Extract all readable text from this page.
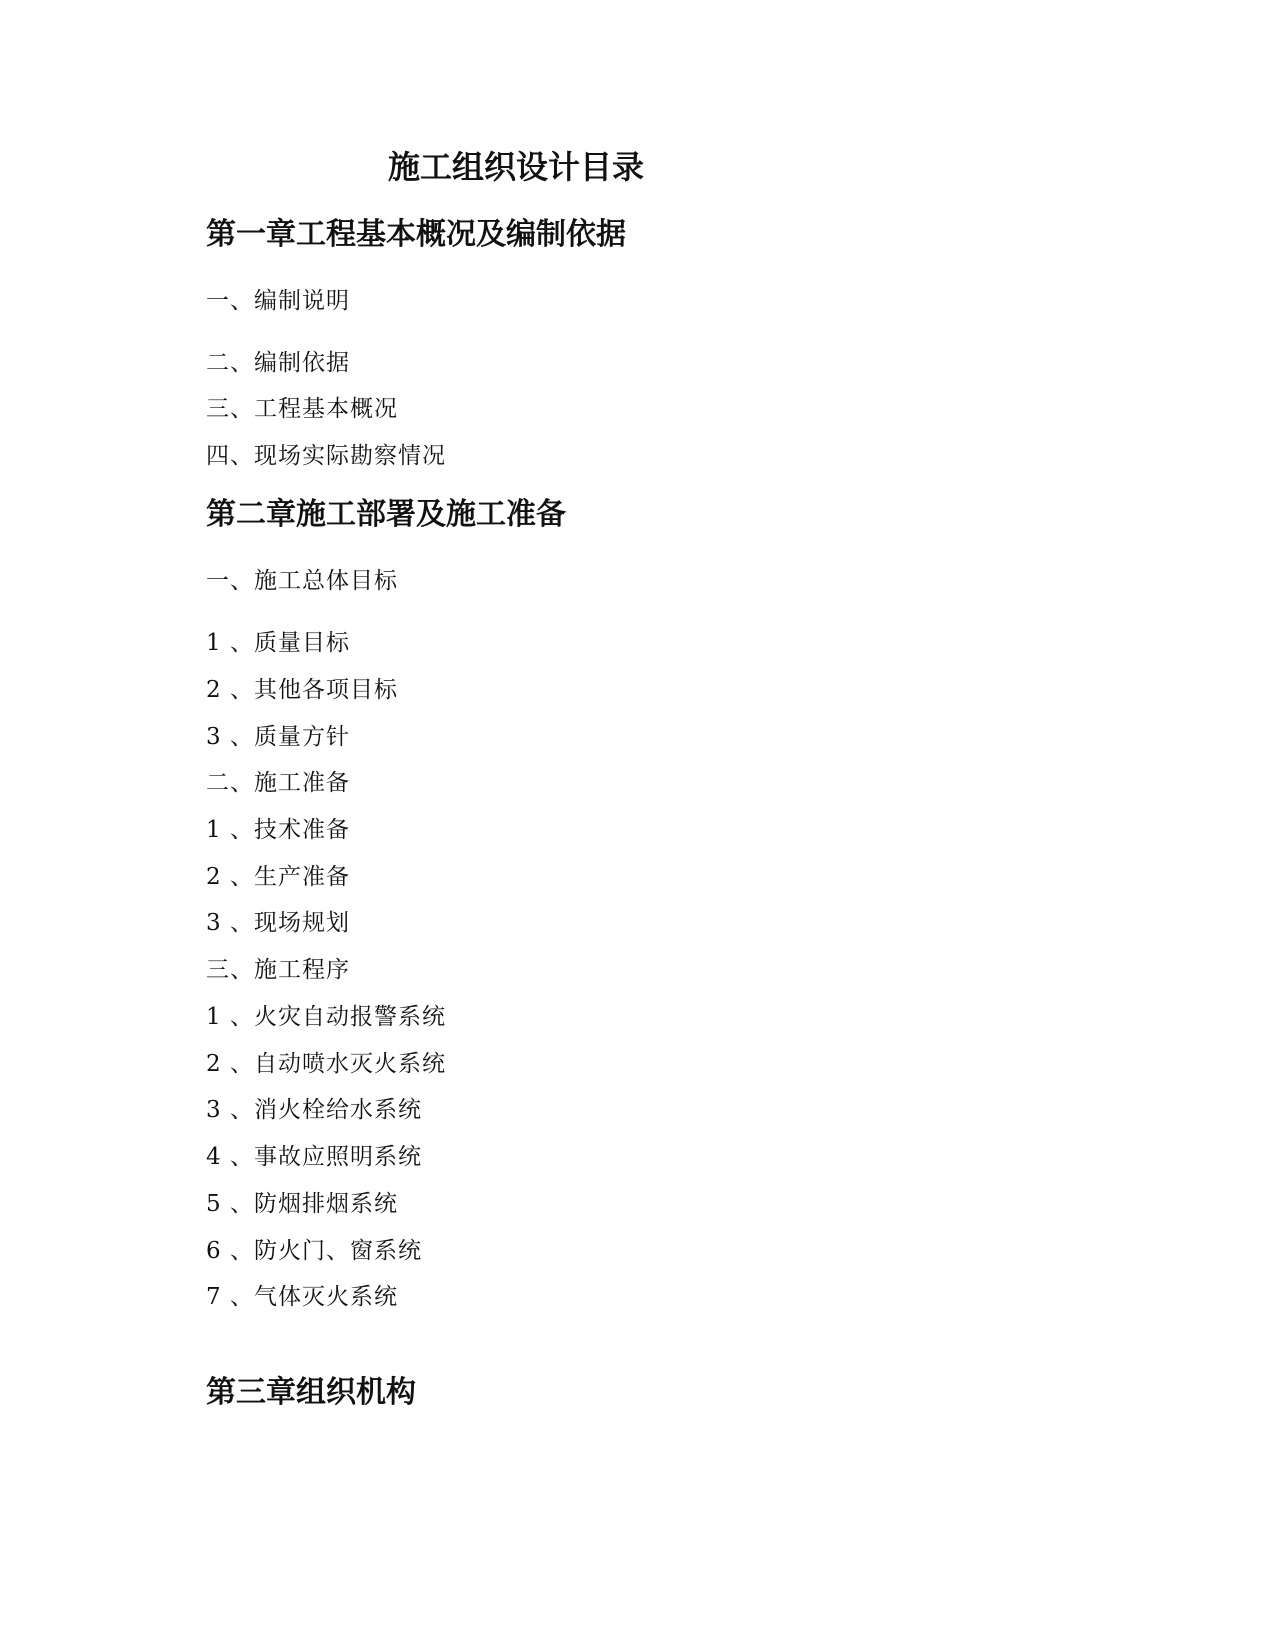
施工组织设计目录
第一章工程基本概况及编制依据
一、编制说明
二、编制依据
三、工程基本概况
四、现场实际勘察情况
第二章施工部署及施工准备
一、施工总体目标
1 、质量目标
2 、其他各项目标
3 、质量方针
二、施工准备
1 、技术准备
2 、生产准备
3 、现场规划
三、施工程序
1 、火灾自动报警系统
2 、自动喷水灭火系统
3 、消火栓给水系统
4 、事故应照明系统
5 、防烟排烟系统
6 、防火门、窗系统
7 、气体灭火系统
第三章组织机构
